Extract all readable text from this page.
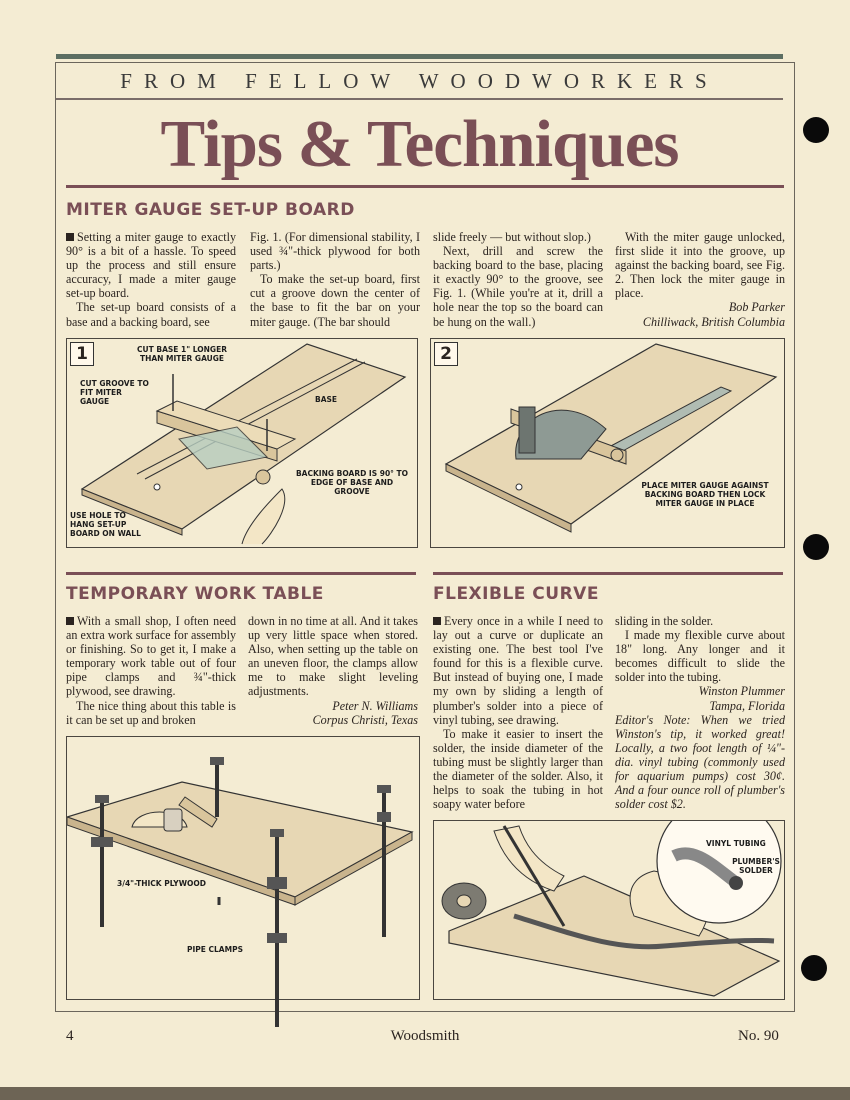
FROM FELLOW WOODWORKERS
Tips & Techniques
MITER GAUGE SET-UP BOARD

Setting a miter gauge to exactly 90° is a bit of a hassle. To speed up the process and still ensure accuracy, I made a miter gauge set-up board.

The set-up board consists of a base and a backing board, see

Fig. 1. (For dimensional stability, I used ¾"-thick plywood for both parts.)

To make the set-up board, first cut a groove down the center of the base to fit the bar on your miter gauge. (The bar should

slide freely — but without slop.)

Next, drill and screw the backing board to the base, placing it exactly 90° to the groove, see Fig. 1. (While you're at it, drill a hole near the top so the board can be hung on the wall.)

With the miter gauge unlocked, first slide it into the groove, up against the backing board, see Fig. 2. Then lock the miter gauge in place.

Bob Parker
Chilliwack, British Columbia
1	CUT BASE 1" LONGER THAN MITER GAUGE
CUT GROOVE TO FIT MITER GAUGE	BASE
BACKING BOARD IS 90° TO EDGE OF BASE AND GROOVE
USE HOLE TO HANG SET-UP BOARD ON WALL
2
PLACE MITER GAUGE AGAINST BACKING BOARD THEN LOCK MITER GAUGE IN PLACE
TEMPORARY WORK TABLE

With a small shop, I often need an extra work surface for assembly or finishing. So to get it, I make a temporary work table out of four pipe clamps and ¾"-thick plywood, see drawing.

The nice thing about this table is it can be set up and broken

down in no time at all. And it takes up very little space when stored. Also, when setting up the table on an uneven floor, the clamps allow me to make slight leveling adjustments.

Peter N. Williams
Corpus Christi, Texas
3/4"-THICK PLYWOOD
PIPE CLAMPS
FLEXIBLE CURVE

Every once in a while I need to lay out a curve or duplicate an existing one. The best tool I've found for this is a flexible curve. But instead of buying one, I made my own by sliding a length of plumber's solder into a piece of vinyl tubing, see drawing.

To make it easier to insert the solder, the inside diameter of the tubing must be slightly larger than the diameter of the solder. Also, it helps to soak the tubing in hot soapy water before

sliding in the solder.

I made my flexible curve about 18" long. Any longer and it becomes difficult to slide the solder into the tubing.

Winston Plummer
Tampa, Florida
Editor's Note: When we tried Winston's tip, it worked great! Locally, a two foot length of ¼"-dia. vinyl tubing (commonly used for aquarium pumps) cost 30¢. And a four ounce roll of plumber's solder cost $2.
VINYL TUBING
PLUMBER'S SOLDER
4	Woodsmith	No. 90
